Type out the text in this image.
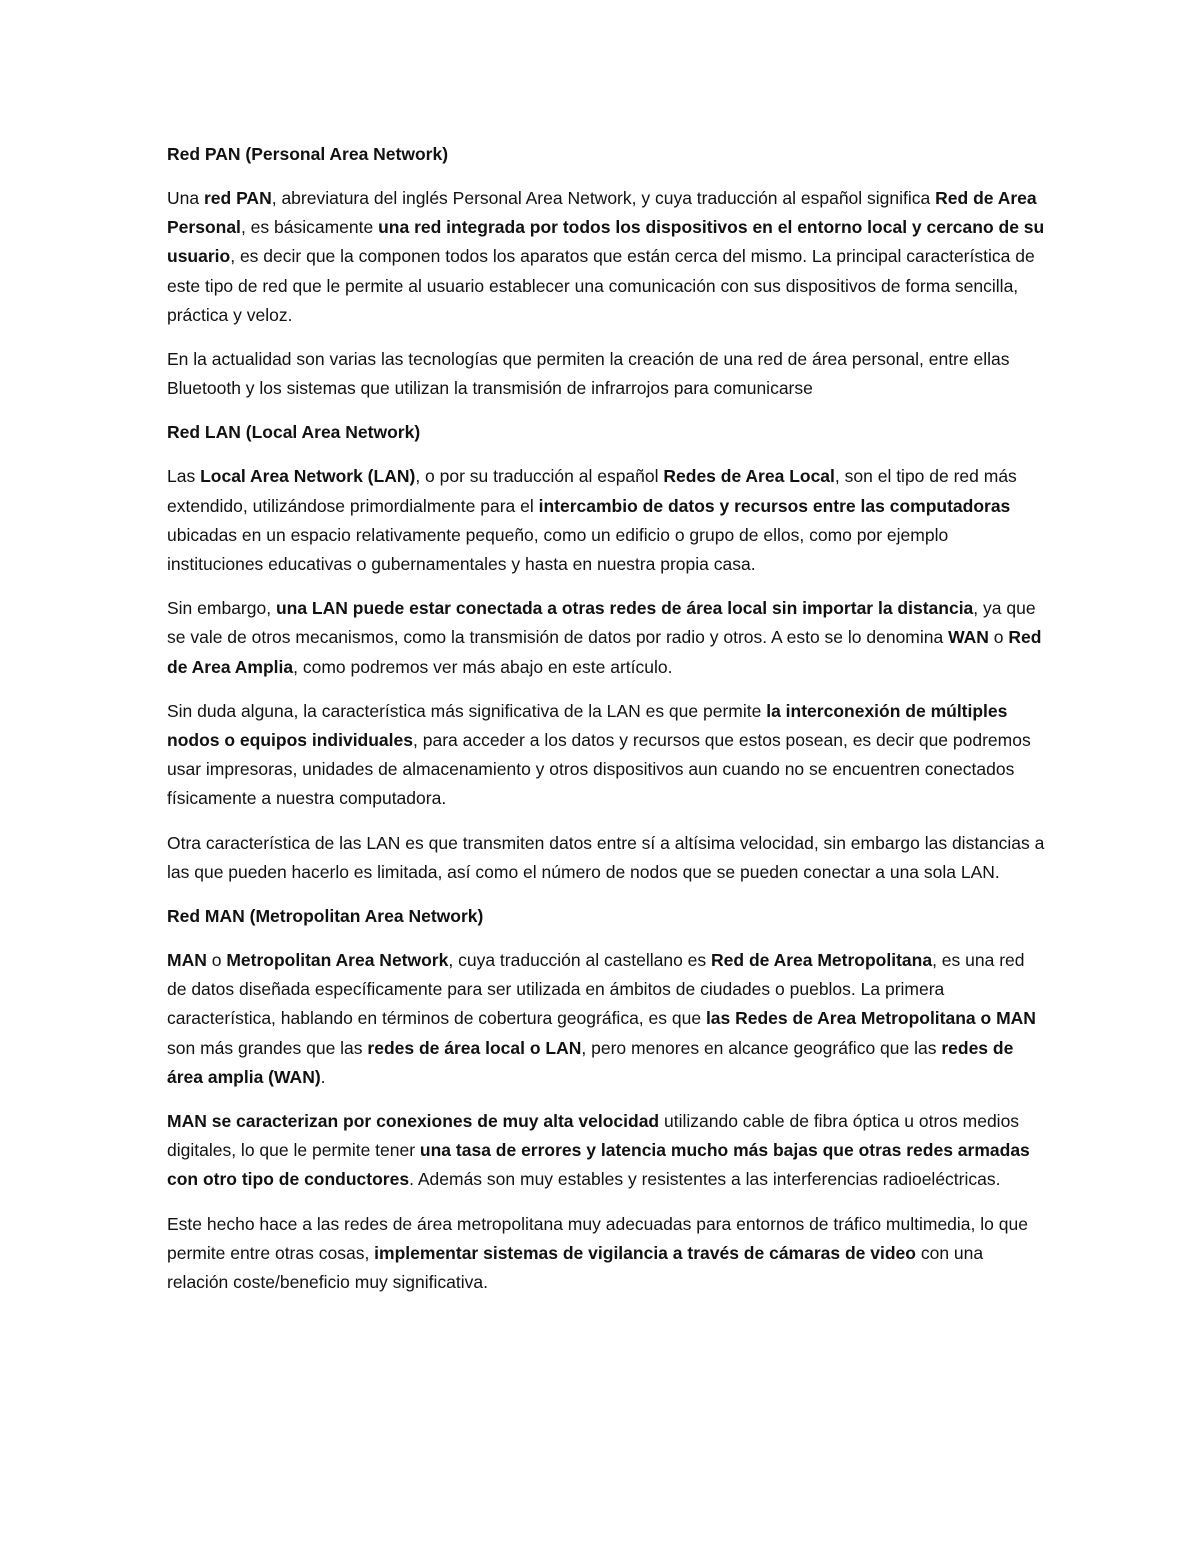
Red PAN (Personal Area Network)

Una red PAN, abreviatura del inglés Personal Area Network, y cuya traducción al español significa Red de Area Personal, es básicamente una red integrada por todos los dispositivos en el entorno local y cercano de su usuario, es decir que la componen todos los aparatos que están cerca del mismo. La principal característica de este tipo de red que le permite al usuario establecer una comunicación con sus dispositivos de forma sencilla, práctica y veloz.

En la actualidad son varias las tecnologías que permiten la creación de una red de área personal, entre ellas Bluetooth y los sistemas que utilizan la transmisión de infrarrojos para comunicarse

Red LAN (Local Area Network)

Las Local Area Network (LAN), o por su traducción al español Redes de Area Local, son el tipo de red más extendido, utilizándose primordialmente para el intercambio de datos y recursos entre las computadoras ubicadas en un espacio relativamente pequeño, como un edificio o grupo de ellos, como por ejemplo instituciones educativas o gubernamentales y hasta en nuestra propia casa.

Sin embargo, una LAN puede estar conectada a otras redes de área local sin importar la distancia, ya que se vale de otros mecanismos, como la transmisión de datos por radio y otros. A esto se lo denomina WAN o Red de Area Amplia, como podremos ver más abajo en este artículo.

Sin duda alguna, la característica más significativa de la LAN es que permite la interconexión de múltiples nodos o equipos individuales, para acceder a los datos y recursos que estos posean, es decir que podremos usar impresoras, unidades de almacenamiento y otros dispositivos aun cuando no se encuentren conectados físicamente a nuestra computadora.

Otra característica de las LAN es que transmiten datos entre sí a altísima velocidad, sin embargo las distancias a las que pueden hacerlo es limitada, así como el número de nodos que se pueden conectar a una sola LAN.

Red MAN (Metropolitan Area Network)

MAN o Metropolitan Area Network, cuya traducción al castellano es Red de Area Metropolitana, es una red de datos diseñada específicamente para ser utilizada en ámbitos de ciudades o pueblos. La primera característica, hablando en términos de cobertura geográfica, es que las Redes de Area Metropolitana o MAN son más grandes que las redes de área local o LAN, pero menores en alcance geográfico que las redes de área amplia (WAN).

MAN se caracterizan por conexiones de muy alta velocidad utilizando cable de fibra óptica u otros medios digitales, lo que le permite tener una tasa de errores y latencia mucho más bajas que otras redes armadas con otro tipo de conductores. Además son muy estables y resistentes a las interferencias radioeléctricas.

Este hecho hace a las redes de área metropolitana muy adecuadas para entornos de tráfico multimedia, lo que permite entre otras cosas, implementar sistemas de vigilancia a través de cámaras de video con una relación coste/beneficio muy significativa.
